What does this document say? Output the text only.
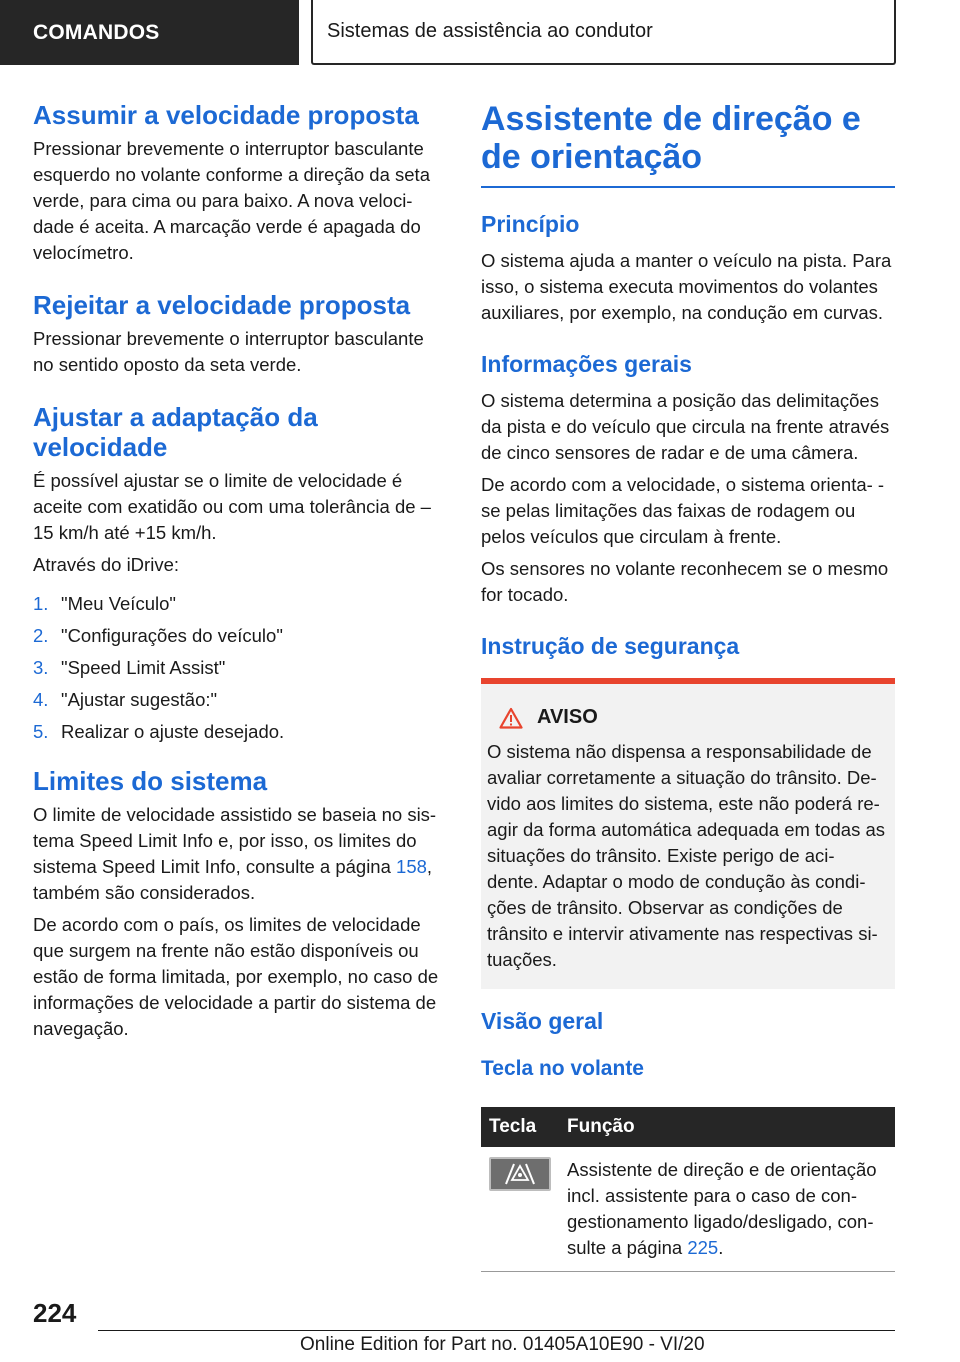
COMANDOS	Sistemas de assistência ao condutor
Assumir a velocidade proposta

Pressionar brevemente o interruptor basculante esquerdo no volante conforme a direção da seta verde, para cima ou para baixo. A nova veloci- dade é aceita. A marcação verde é apagada do velocímetro.

Rejeitar a velocidade proposta

Pressionar brevemente o interruptor basculante no sentido oposto da seta verde.

Ajustar a adaptação da velocidade

É possível ajustar se o limite de velocidade é aceite com exatidão ou com uma tolerância de –15 km/h até +15 km/h.

Através do iDrive:

1. "Meu Veículo"
2. "Configurações do veículo"
3. "Speed Limit Assist"
4. "Ajustar sugestão:"
5. Realizar o ajuste desejado.
Limites do sistema

O limite de velocidade assistido se baseia no sis- tema Speed Limit Info e, por isso, os limites do sistema Speed Limit Info, consulte a página 158, também são considerados.

De acordo com o país, os limites de velocidade que surgem na frente não estão disponíveis ou estão de forma limitada, por exemplo, no caso de informações de velocidade a partir do sistema de navegação.

Assistente de direção e de orientação
Princípio

O sistema ajuda a manter o veículo na pista. Para isso, o sistema executa movimentos do volantes auxiliares, por exemplo, na condução em curvas.

Informações gerais

O sistema determina a posição das delimitações da pista e do veículo que circula na frente através de cinco sensores de radar e de uma câmera.

De acordo com a velocidade, o sistema orienta- -se pelas limitações das faixas de rodagem ou pelos veículos que circulam à frente.

Os sensores no volante reconhecem se o mesmo for tocado.

Instrução de segurança
AVISO

O sistema não dispensa a responsabilidade de avaliar corretamente a situação do trânsito. De- vido aos limites do sistema, este não poderá re- agir da forma automática adequada em todas as situações do trânsito. Existe perigo de aci- dente. Adaptar o modo de condução às condi- ções de trânsito. Observar as condições de trânsito e intervir ativamente nas respectivas si- tuações.

Visão geral
Tecla no volante
Tecla	Função

	Assistente de direção e de orientação incl. assistente para o caso de con- gestionamento ligado/desligado, con- sulte a página 225.
224
Online Edition for Part no. 01405A10E90 - VI/20
